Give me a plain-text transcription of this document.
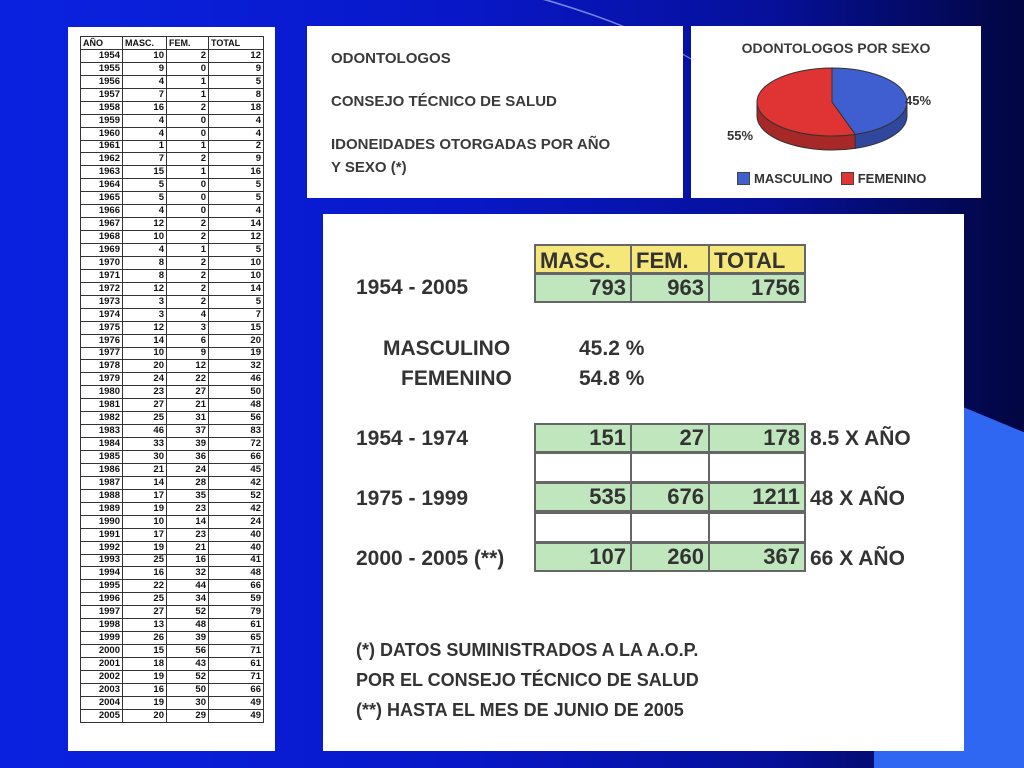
AÑO	MASC.	FEM.	TOTAL
1954	10	2	12
1955	9	0	9
1956	4	1	5
1957	7	1	8
1958	16	2	18
1959	4	0	4
1960	4	0	4
1961	1	1	2
1962	7	2	9
1963	15	1	16
1964	5	0	5
1965	5	0	5
1966	4	0	4
1967	12	2	14
1968	10	2	12
1969	4	1	5
1970	8	2	10
1971	8	2	10
1972	12	2	14
1973	3	2	5
1974	3	4	7
1975	12	3	15
1976	14	6	20
1977	10	9	19
1978	20	12	32
1979	24	22	46
1980	23	27	50
1981	27	21	48
1982	25	31	56
1983	46	37	83
1984	33	39	72
1985	30	36	66
1986	21	24	45
1987	14	28	42
1988	17	35	52
1989	19	23	42
1990	10	14	24
1991	17	23	40
1992	19	21	40
1993	25	16	41
1994	16	32	48
1995	22	44	66
1996	25	34	59
1997	27	52	79
1998	13	48	61
1999	26	39	65
2000	15	56	71
2001	18	43	61
2002	19	52	71
2003	16	50	66
2004	19	30	49
2005	20	29	49
ODONTOLOGOS
CONSEJO TÉCNICO DE SALUD
IDONEIDADES OTORGADAS POR AÑO
Y SEXO (*)
ODONTOLOGOS POR SEXO
45%
55%
MASCULINO FEMENINO
MASC.	FEM.	TOTAL
1954 - 2005	793	963	1756
MASCULINO	45.2 %
FEMENINO	54.8 %
1954 - 1974	151	27	178 8.5 X AÑO
1975 - 1999	535	676	1211 48 X AÑO
2000 - 2005 (**)	107	260	367 66 X AÑO
(*) DATOS SUMINISTRADOS A LA A.O.P.
POR EL CONSEJO TÉCNICO DE SALUD
(**) HASTA EL MES DE JUNIO DE 2005
